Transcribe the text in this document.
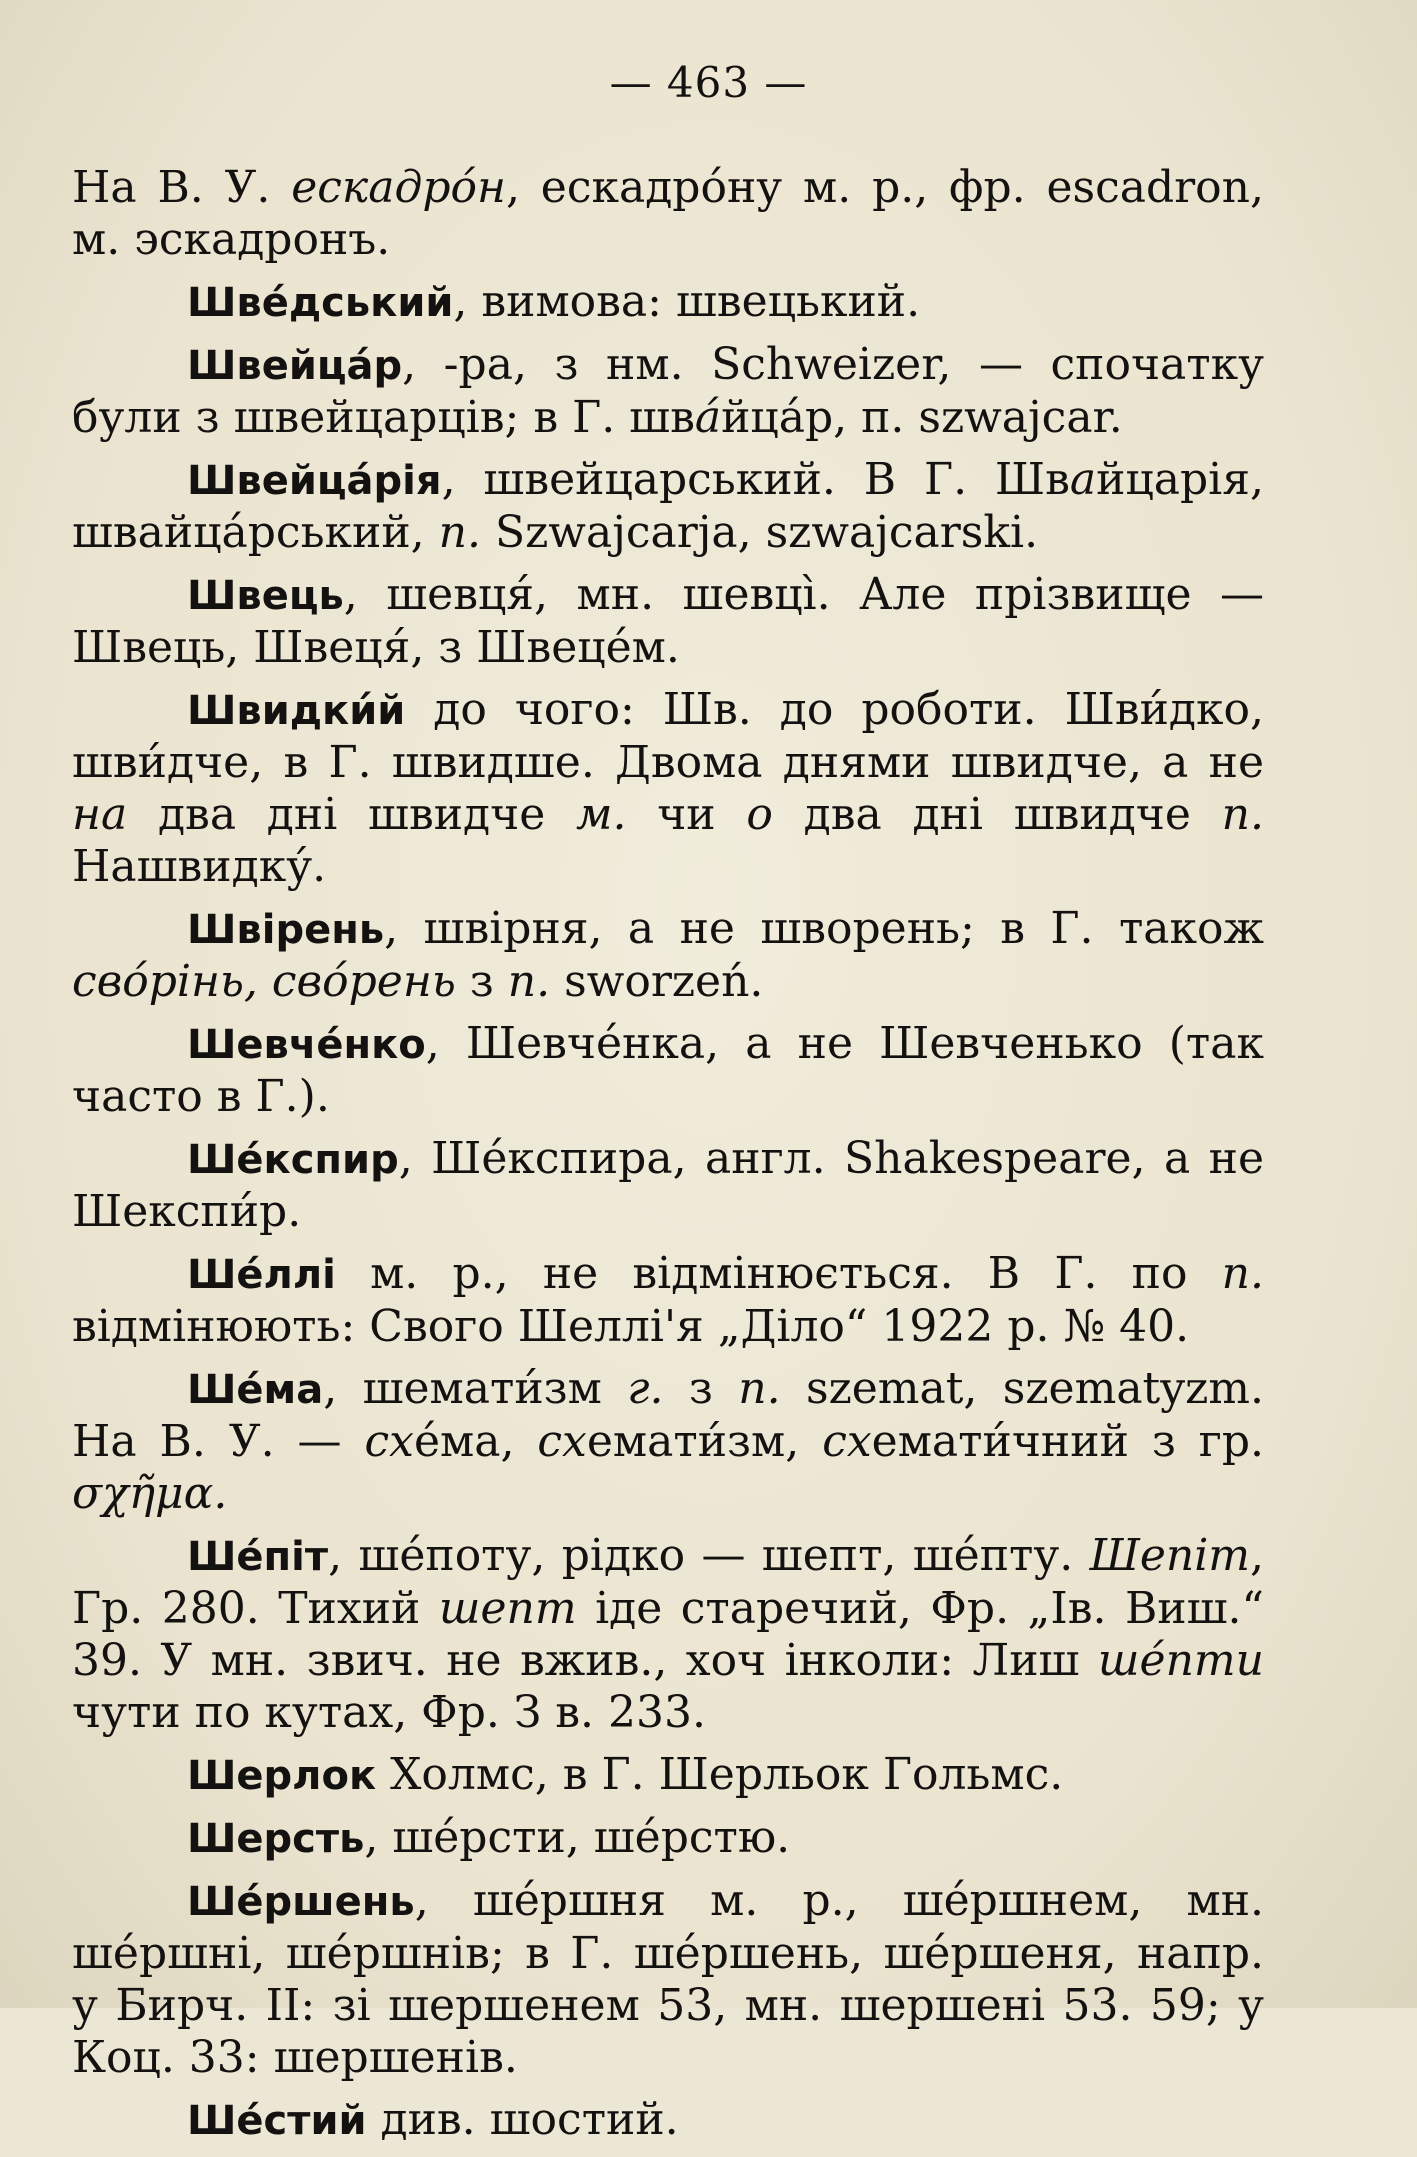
— 463 —

На В. У. ескадрóн, ескадрóну м. р., фр. escadron, м. эскадронъ.

Швéдський, вимова: швецький.

Швейцáр, -ра, з нм. Schweizer, — спочатку були з швейцарців; в Г. швáйцáр, п. szwajcar.

Швейцáрія, швейцарський. В Г. Швайцарія, швайцáрський, п. Szwajcarja, szwajcarski.

Швець, шевця́, мн. шевці̀. Але прізвище — Швець, Швеця́, з Швецéм.

Швидки́й до чого: Шв. до роботи. Шви́дко, шви́дче, в Г. швидше. Двома днями швидче, а не на два дні швидче м. чи о два дні швидче п. Нашвидку́.

Швірень, швірня, а не шворень; в Г. також свóрінь, свóрень з п. sworzeń.

Шевчéнко, Шевчéнка, а не Шевченько (так часто в Г.).

Шéкспир, Шéкспира, англ. Shakespeare, а не Шекспи́р.

Шéллі м. р., не відмінюється. В Г. по п. відмінюють: Свого Шеллі'я „Діло“ 1922 р. № 40.

Шéма, шемати́зм г. з п. szemat, szematyzm. На В. У. — схéма, схемати́зм, схемати́чний з гр. σχῆμα.

Шéпіт, шéпоту, рідко — шепт, шéпту. Шепіт, Гр. 280. Тихий шепт іде старечий, Фр. „Ів. Виш.“ 39. У мн. звич. не вжив., хоч інколи: Лиш шéпти чути по кутах, Фр. З в. 233.

Шерлок Холмс, в Г. Шерльок Гольмс.

Шерсть, шéрсти, шéрстю.

Шéршень, шéршня м. р., шéршнем, мн. шéршні, шéршнів; в Г. шéршень, шéршеня, напр. у Бирч. II: зі шершенем 53, мн. шершені 53. 59; у Коц. 33: шершенів.

Шéстий див. шостий.
